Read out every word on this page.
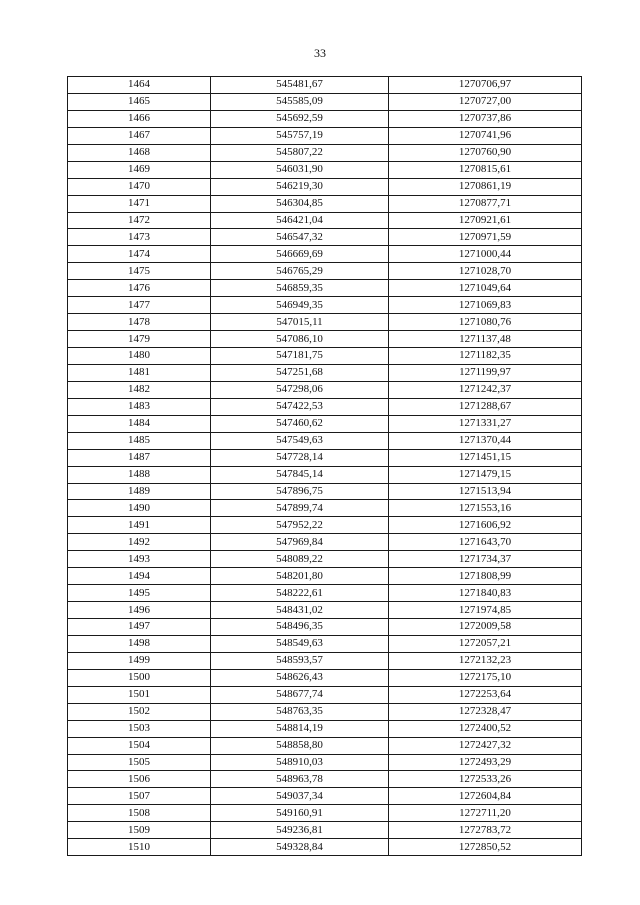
33
1464	545481,67	1270706,97
1465	545585,09	1270727,00
1466	545692,59	1270737,86
1467	545757,19	1270741,96
1468	545807,22	1270760,90
1469	546031,90	1270815,61
1470	546219,30	1270861,19
1471	546304,85	1270877,71
1472	546421,04	1270921,61
1473	546547,32	1270971,59
1474	546669,69	1271000,44
1475	546765,29	1271028,70
1476	546859,35	1271049,64
1477	546949,35	1271069,83
1478	547015,11	1271080,76
1479	547086,10	1271137,48
1480	547181,75	1271182,35
1481	547251,68	1271199,97
1482	547298,06	1271242,37
1483	547422,53	1271288,67
1484	547460,62	1271331,27
1485	547549,63	1271370,44
1487	547728,14	1271451,15
1488	547845,14	1271479,15
1489	547896,75	1271513,94
1490	547899,74	1271553,16
1491	547952,22	1271606,92
1492	547969,84	1271643,70
1493	548089,22	1271734,37
1494	548201,80	1271808,99
1495	548222,61	1271840,83
1496	548431,02	1271974,85
1497	548496,35	1272009,58
1498	548549,63	1272057,21
1499	548593,57	1272132,23
1500	548626,43	1272175,10
1501	548677,74	1272253,64
1502	548763,35	1272328,47
1503	548814,19	1272400,52
1504	548858,80	1272427,32
1505	548910,03	1272493,29
1506	548963,78	1272533,26
1507	549037,34	1272604,84
1508	549160,91	1272711,20
1509	549236,81	1272783,72
1510	549328,84	1272850,52
